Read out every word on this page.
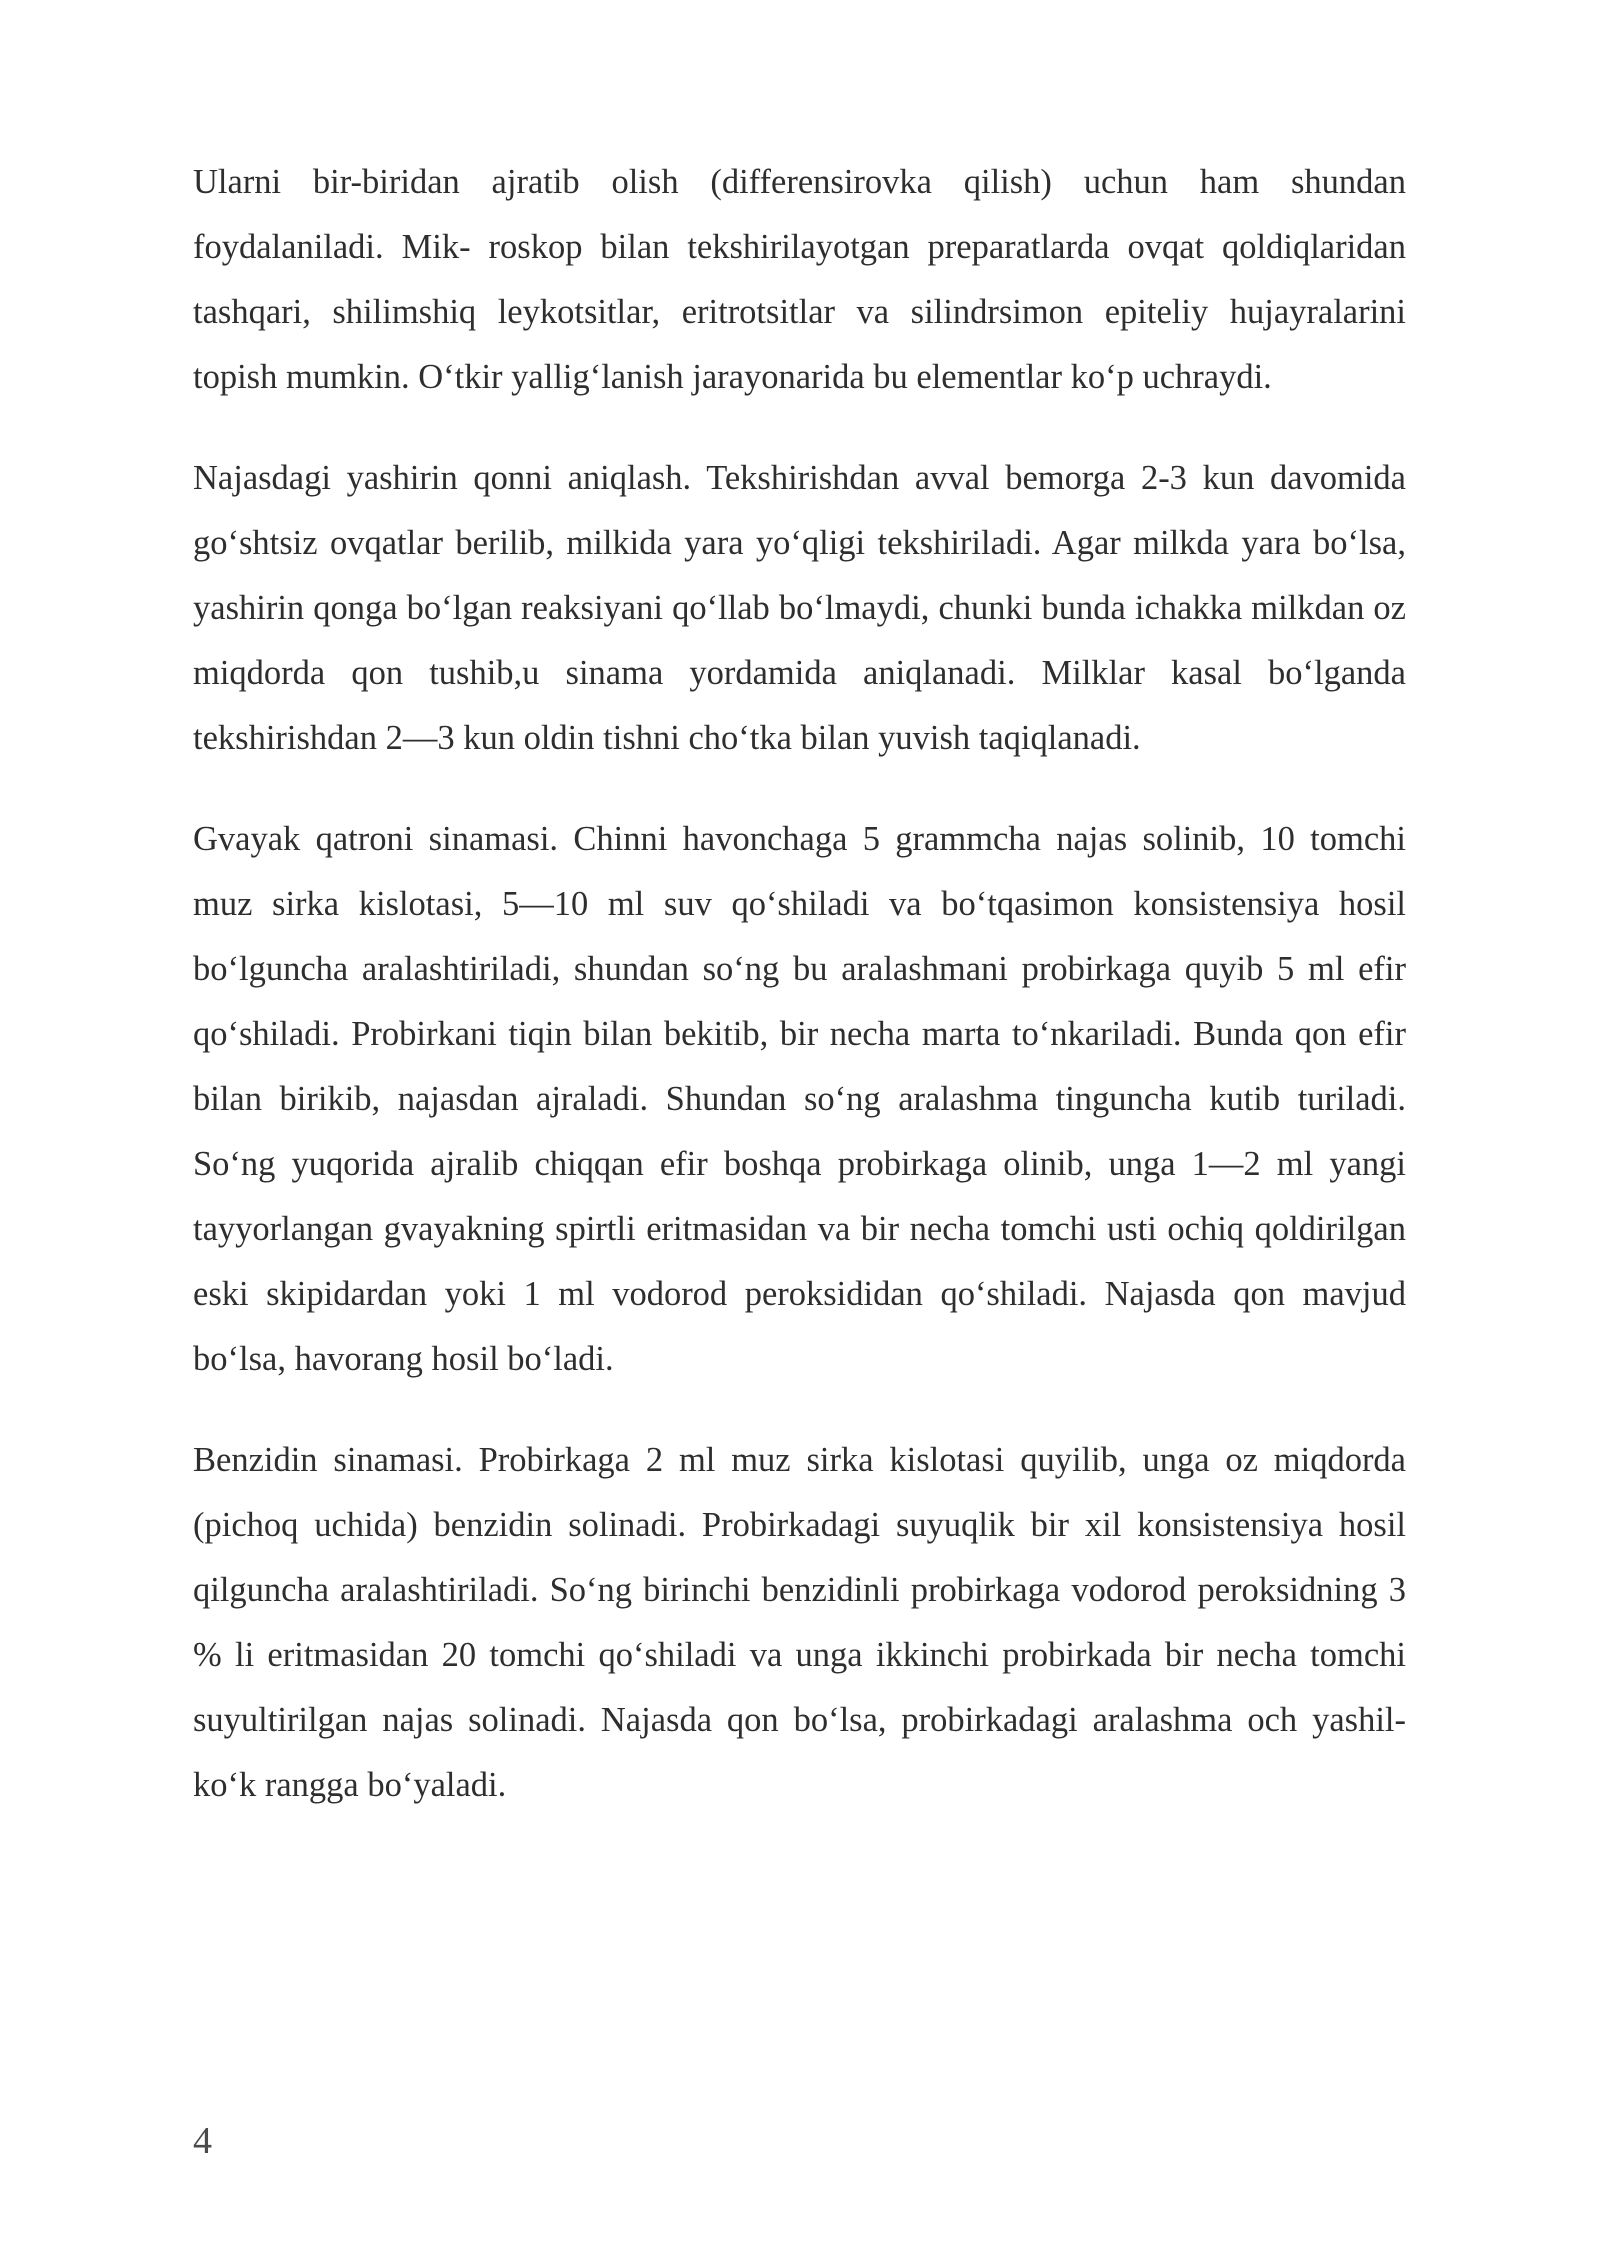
Ularni bir-biridan ajratib olish (differensirovka qilish) uchun ham shundan foydalaniladi. Mik- roskop bilan tekshirilayotgan preparatlarda ovqat qoldiqlaridan tashqari, shilimshiq leykotsitlar, eritrotsitlar va silindrsimon epiteliy hujayralarini topish mumkin. O‘tkir yallig‘lanish jarayonarida bu elementlar ko‘p uchraydi.

Najasdagi yashirin qonni aniqlash. Tekshirishdan avval bemorga 2-3 kun davomida go‘shtsiz ovqatlar berilib, milkida yara yo‘qligi tekshiriladi. Agar milkda yara bo‘lsa, yashirin qonga bo‘lgan reaksiyani qo‘llab bo‘lmaydi, chunki bunda ichakka milkdan oz miqdorda qon tushib,u sinama yordamida aniqlanadi. Milklar kasal bo‘lganda tekshirishdan 2—3 kun oldin tishni cho‘tka bilan yuvish taqiqlanadi.

Gvayak qatroni sinamasi. Chinni havonchaga 5 grammcha najas solinib, 10 tomchi muz sirka kislotasi, 5—10 ml suv qo‘shiladi va bo‘tqasimon konsistensiya hosil bo‘lguncha aralashtiriladi, shundan so‘ng bu aralashmani probirkaga quyib 5 ml efir qo‘shiladi. Probirkani tiqin bilan bekitib, bir necha marta to‘nkariladi. Bunda qon efir bilan birikib, najasdan ajraladi. Shundan so‘ng aralashma tinguncha kutib turiladi. So‘ng yuqorida ajralib chiqqan efir boshqa probirkaga olinib, unga 1—2 ml yangi tayyorlangan gvayakning spirtli eritmasidan va bir necha tomchi usti ochiq qoldirilgan eski skipidardan yoki 1 ml vodorod peroksididan qo‘shiladi. Najasda qon mavjud bo‘lsa, havorang hosil bo‘ladi.

Benzidin sinamasi. Probirkaga 2 ml muz sirka kislotasi quyilib, unga oz miqdorda (pichoq uchida) benzidin solinadi. Probirkadagi suyuqlik bir xil konsistensiya hosil qilguncha aralashtiriladi. So‘ng birinchi benzidinli probirkaga vodorod peroksidning 3 % li eritmasidan 20 tomchi qo‘shiladi va unga ikkinchi probirkada bir necha tomchi suyultirilgan najas solinadi. Najasda qon bo‘lsa, probirkadagi aralashma och yashil-ko‘k rangga bo‘yaladi.

4
